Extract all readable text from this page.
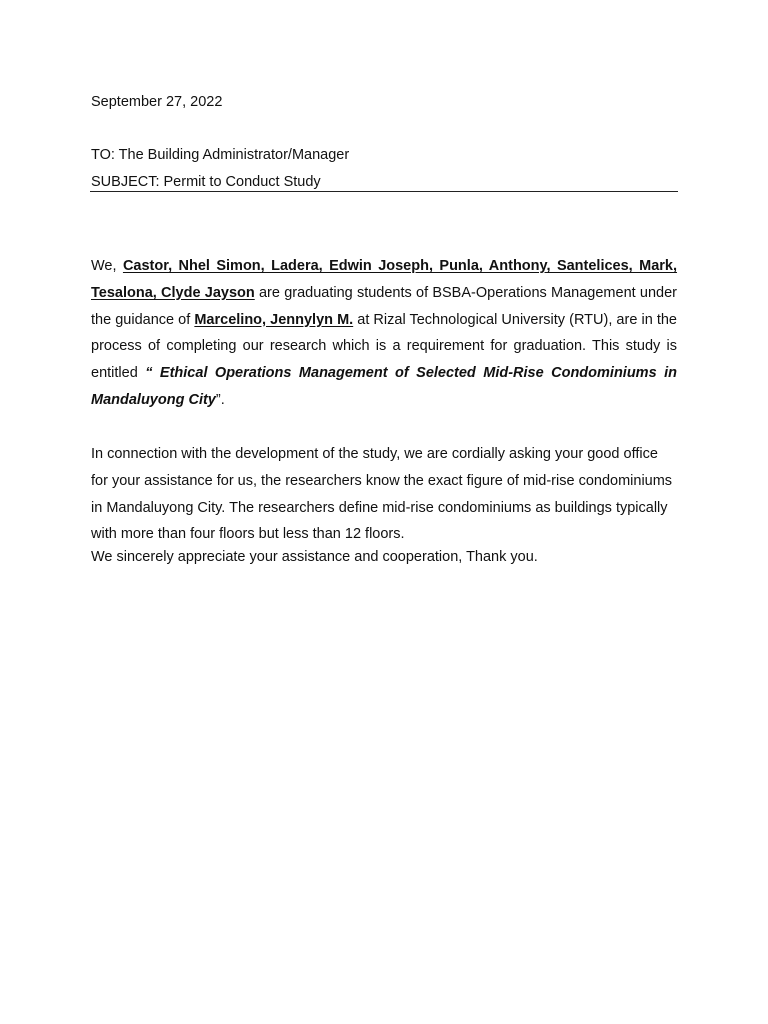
September 27, 2022
TO: The Building Administrator/Manager
SUBJECT: Permit to Conduct Study
We, Castor, Nhel Simon, Ladera, Edwin Joseph, Punla, Anthony, Santelices, Mark, Tesalona, Clyde Jayson are graduating students of BSBA-Operations Management under the guidance of Marcelino, Jennylyn M. at Rizal Technological University (RTU), are in the process of completing our research which is a requirement for graduation. This study is entitled “ Ethical Operations Management of Selected Mid-Rise Condominiums in Mandaluyong City”.
In connection with the development of the study, we are cordially asking your good office for your assistance for us, the researchers know the exact figure of mid-rise condominiums in Mandaluyong City. The researchers define mid-rise condominiums as buildings typically with more than four floors but less than 12 floors.
We sincerely appreciate your assistance and cooperation, Thank you.
